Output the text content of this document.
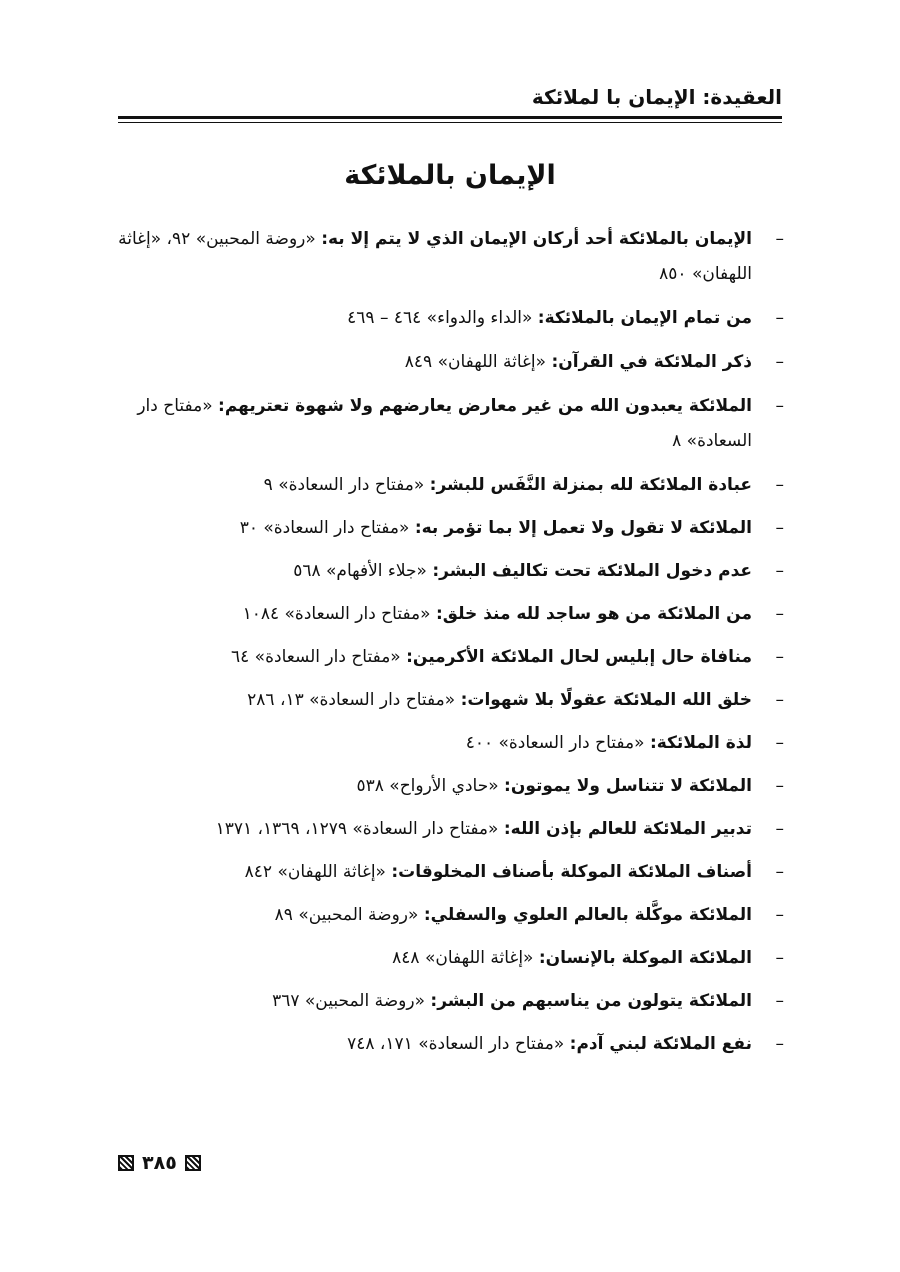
العقيدة: الإيمان با لملائكة
الإيمان بالملائكة
–
الإيمان بالملائكة أحد أركان الإيمان الذي لا يتم إلا به: «روضة المحبين» ٩٢، «إغاثة اللهفان» ٨٥٠
–
من تمام الإيمان بالملائكة: «الداء والدواء» ٤٦٤ – ٤٦٩
–
ذكر الملائكة في القرآن: «إغاثة اللهفان» ٨٤٩
–
الملائكة يعبدون الله من غير معارض يعارضهم ولا شهوة تعتريهم: «مفتاح دار السعادة» ٨
–
عبادة الملائكة لله بمنزلة النَّفَس للبشر: «مفتاح دار السعادة» ٩
–
الملائكة لا تقول ولا تعمل إلا بما تؤمر به: «مفتاح دار السعادة» ٣٠
–
عدم دخول الملائكة تحت تكاليف البشر: «جلاء الأفهام» ٥٦٨
–
من الملائكة من هو ساجد لله منذ خلق: «مفتاح دار السعادة» ١٠٨٤
–
منافاة حال إبليس لحال الملائكة الأكرمين: «مفتاح دار السعادة» ٦٤
–
خلق الله الملائكة عقولًا بلا شهوات: «مفتاح دار السعادة» ١٣، ٢٨٦
–
لذة الملائكة: «مفتاح دار السعادة» ٤٠٠
–
الملائكة لا تتناسل ولا يموتون: «حادي الأرواح» ٥٣٨
–
تدبير الملائكة للعالم بإذن الله: «مفتاح دار السعادة» ١٢٧٩، ١٣٦٩، ١٣٧١
–
أصناف الملائكة الموكلة بأصناف المخلوقات: «إغاثة اللهفان» ٨٤٢
–
الملائكة موكَّلة بالعالم العلوي والسفلي: «روضة المحبين» ٨٩
–
الملائكة الموكلة بالإنسان: «إغاثة اللهفان» ٨٤٨
–
الملائكة يتولون من يناسبهم من البشر: «روضة المحبين» ٣٦٧
–
نفع الملائكة لبني آدم: «مفتاح دار السعادة» ١٧١، ٧٤٨
٣٨٥
